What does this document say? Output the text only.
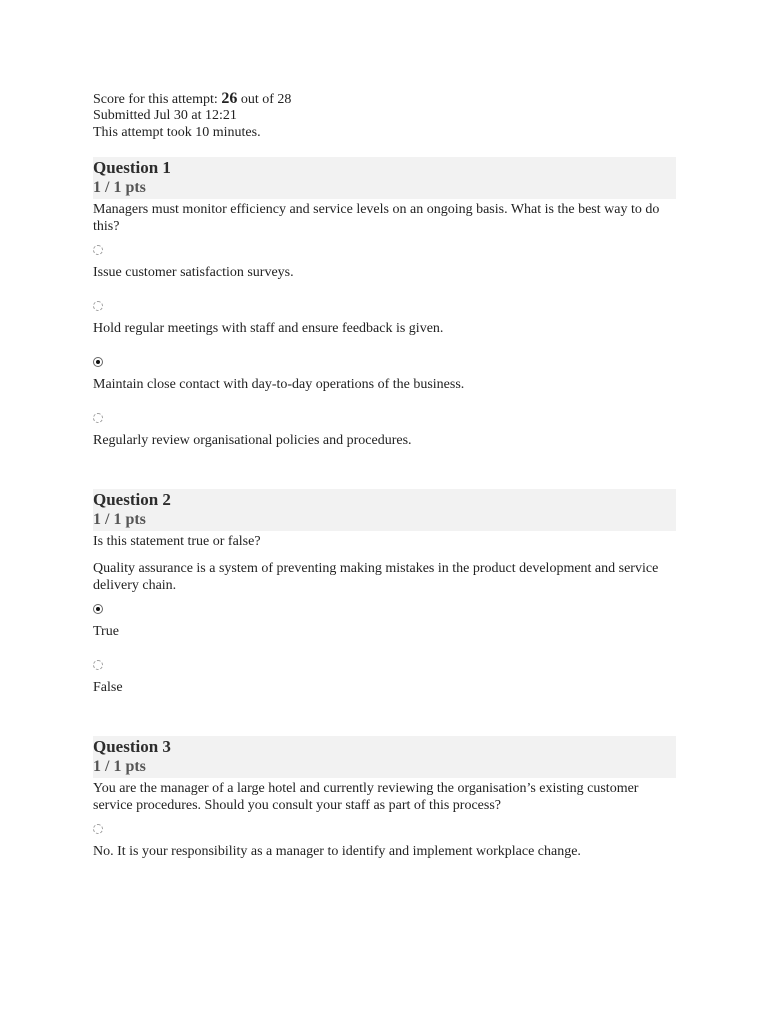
Score for this attempt: 26 out of 28
Submitted Jul 30 at 12:21
This attempt took 10 minutes.
Question 1
1 / 1 pts

Managers must monitor efficiency and service levels on an ongoing basis. What is the best way to do this?

Issue customer satisfaction surveys.
Hold regular meetings with staff and ensure feedback is given.
Maintain close contact with day-to-day operations of the business.
Regularly review organisational policies and procedures.
Question 2
1 / 1 pts

Is this statement true or false?

Quality assurance is a system of preventing making mistakes in the product development and service delivery chain.

True
False
Question 3
1 / 1 pts

You are the manager of a large hotel and currently reviewing the organisation’s existing customer service procedures. Should you consult your staff as part of this process?

No. It is your responsibility as a manager to identify and implement workplace change.
